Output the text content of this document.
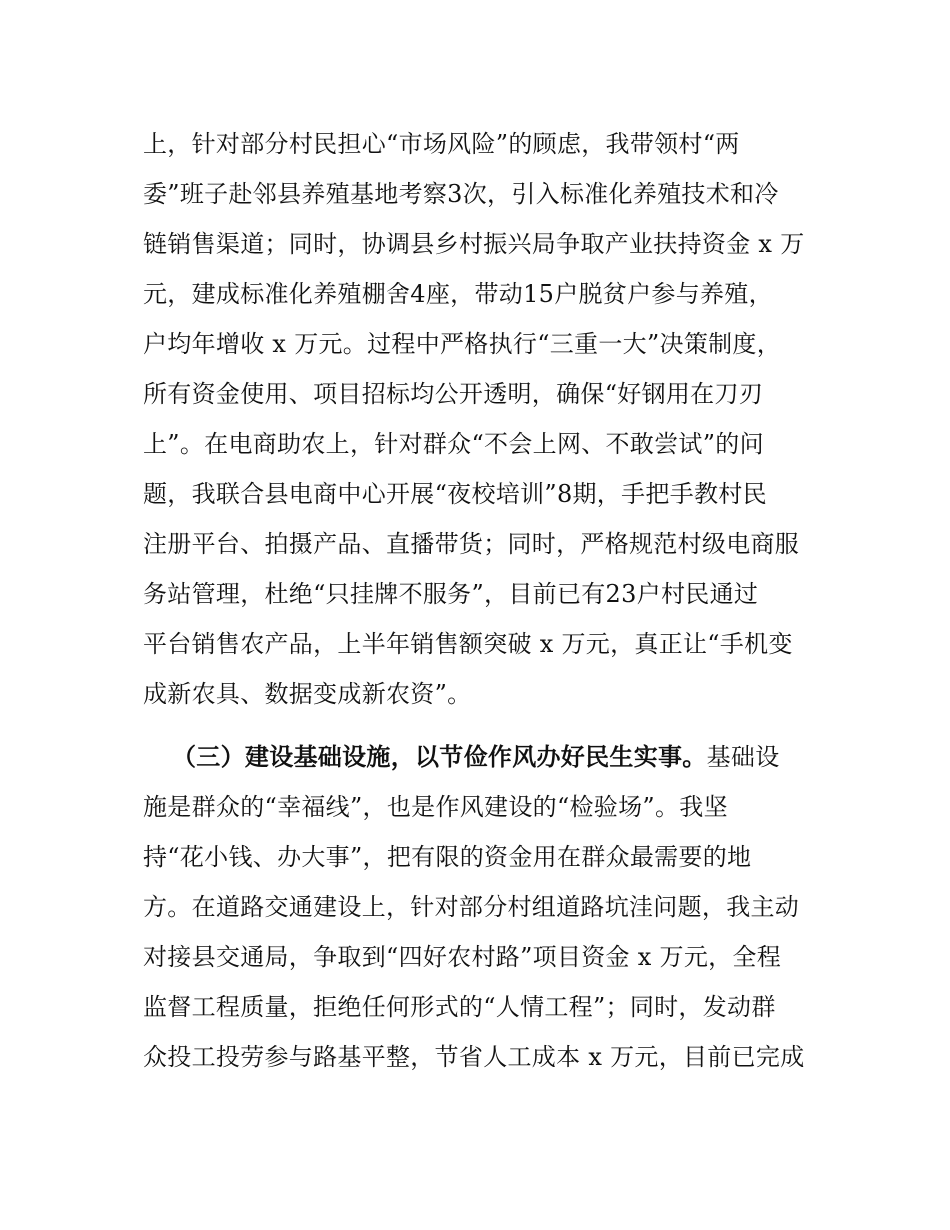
上，针对部分村民担心“市场风险”的顾虑，我带领村“两
委”班子赴邻县养殖基地考察3次，引入标准化养殖技术和冷
链销售渠道；同时，协调县乡村振兴局争取产业扶持资金 x 万
元，建成标准化养殖棚舍4座，带动15户脱贫户参与养殖，
户均年增收 x 万元。过程中严格执行“三重一大”决策制度，
所有资金使用、项目招标均公开透明，确保“好钢用在刀刃
上”。在电商助农上，针对群众“不会上网、不敢尝试”的问
题，我联合县电商中心开展“夜校培训”8期，手把手教村民
注册平台、拍摄产品、直播带货；同时，严格规范村级电商服
务站管理，杜绝“只挂牌不服务”，目前已有23户村民通过
平台销售农产品，上半年销售额突破 x 万元，真正让“手机变
成新农具、数据变成新农资”。
（三）建设基础设施，以节俭作风办好民生实事。基础设
施是群众的“幸福线”，也是作风建设的“检验场”。我坚
持“花小钱、办大事”，把有限的资金用在群众最需要的地
方。在道路交通建设上，针对部分村组道路坑洼问题，我主动
对接县交通局，争取到“四好农村路”项目资金 x 万元，全程
监督工程质量，拒绝任何形式的“人情工程”；同时，发动群
众投工投劳参与路基平整，节省人工成本 x 万元，目前已完成
